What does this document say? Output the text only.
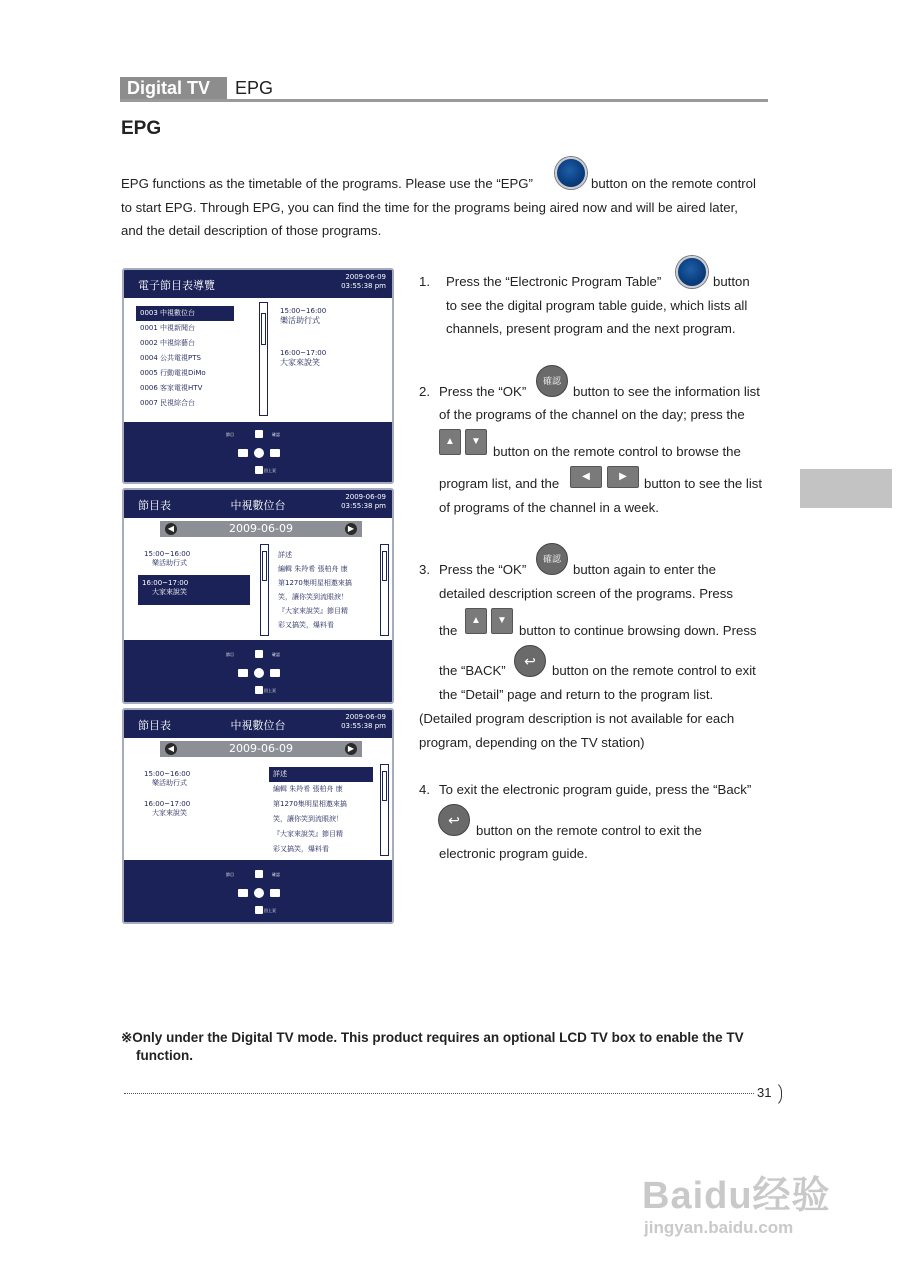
Digital TV	EPG
EPG
EPG functions as the timetable of the programs. Please use the “EPG”	button on the remote control
to start EPG. Through EPG, you can find the time for the programs being aired now and will be aired later,
and the detail description of those programs.
電子節目表導覽
2009-06-09
03:55:38 pm
0003 中視數位台
0001 中視新聞台
0002 中視綜藝台
0004 公共電視PTS
0005 行動電視DiMo
0006 客家電視HTV
0007 民視綜合台
15:00~16:00
樂活助行式
16:00~17:00
大家來說笑
節目	確認
回上頁
節目表	中視數位台
2009-06-09
03:55:38 pm
◀	2009-06-09	▶
15:00~16:00
樂活助行式
16:00~17:00
大家來說笑
詳述
編輯 朱羚希 張柏舟 康
第1270集明星相邀來搞
笑，讓你笑到流眼淚！
『大家來說笑』節目精
彩又搞笑，爆料看
節目	確認
回上頁
節目表	中視數位台
2009-06-09
03:55:38 pm
◀	2009-06-09	▶
15:00~16:00
樂活助行式
16:00~17:00
大家來說笑
詳述
編輯 朱羚希 張柏舟 康
第1270集明星相邀來搞
笑，讓你笑到流眼淚！
『大家來說笑』節目精
彩又搞笑，爆料看
節目	確認
回上頁
1. Press the “Electronic Program Table”	button
to see the digital program table guide, which lists all
channels, present program and the next program.
2. Press the “OK”
確認
button to see the information list
of the programs of the channel on the day; press the
▲	▼
button on the remote control to browse the
program list, and the	◀	▶	button to see the list
of programs of the channel in a week.
3. Press the “OK”
確認
button again to enter the
detailed description screen of the programs. Press
the
▲	▼
button to continue browsing down. Press
the “BACK”
↩
button on the remote control to exit
the “Detail” page and return to the program list.
(Detailed program description is not available for each
program, depending on the TV station)
4. To exit the electronic program guide, press the “Back”
↩
button on the remote control to exit the
electronic program guide.
※Only under the Digital TV mode. This product requires an optional LCD TV box to enable the TV
function.
31
Baidu经验
jingyan.baidu.com
